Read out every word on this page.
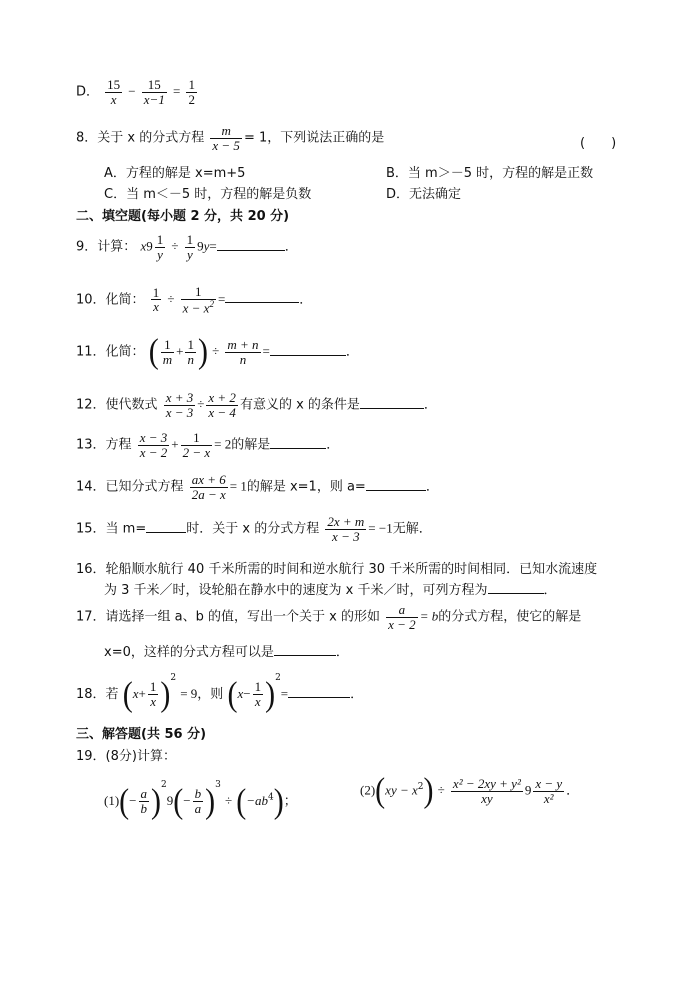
D． $\frac{15}{x} - \frac{15}{x-1} = \frac{1}{2}$
8．关于 x 的分式方程 $\frac{m}{x - 5} = 1$，下列说法正确的是	(　　)
A．方程的解是 x=m+5	B．当 m＞－5 时，方程的解是正数
C．当 m＜－5 时，方程的解是负数	D．无法确定
二、填空题(每小题 2 分，共 20 分)
9．计算： $x9 \frac{1}{y} \div \frac{1}{y} 9y=$	．
10．化简： $\frac{1}{x} \div \frac{1}{x - x^2}$ =	．
11．化简： ( $\frac{1}{m} + \frac{1}{n}$ ) ÷ $\frac{m + n}{n}$ =	．
12．使代数式 $\frac{x + 3}{x - 3} \div \frac{x + 2}{x - 4}$ 有意义的 x 的条件是	．
13．方程 $\frac{x - 3}{x - 2} + \frac{1}{2 - x} = 2$的解是	．
14．已知分式方程 $\frac{ax + 6}{2a - x} = 1$的解是 x=1，则 a=	．
15．当 m=	时．关于 x 的分式方程 $\frac{2x + m}{x - 3} = -1$无解．
16．轮船顺水航行 40 千米所需的时间和逆水航行 30 千米所需的时间相同．已知水流速度
为 3 千米／时，设轮船在静水中的速度为 x 千米／时，可列方程为	．
17．请选择一组 a、b 的值，写出一个关于 x 的形如 $\frac{a}{x - 2} = b$的分式方程，使它的解是
x=0，这样的分式方程可以是	．
18．若 $(x+ \frac{1}{x} )^2 = 9$，则 $(x- \frac{1}{x} )^2=$	．
三、解答题(共 56 分)
19．(8分)计算：
$(1)(- \frac{a}{b} )^29(- \frac{b}{a} )^3 \div (-ab^4)$；
$(2)(xy - x^2) \div \frac{\text{x² − 2xy + y²}}{xy} 9 \frac{x - y}{\text{x²}}$ ．
